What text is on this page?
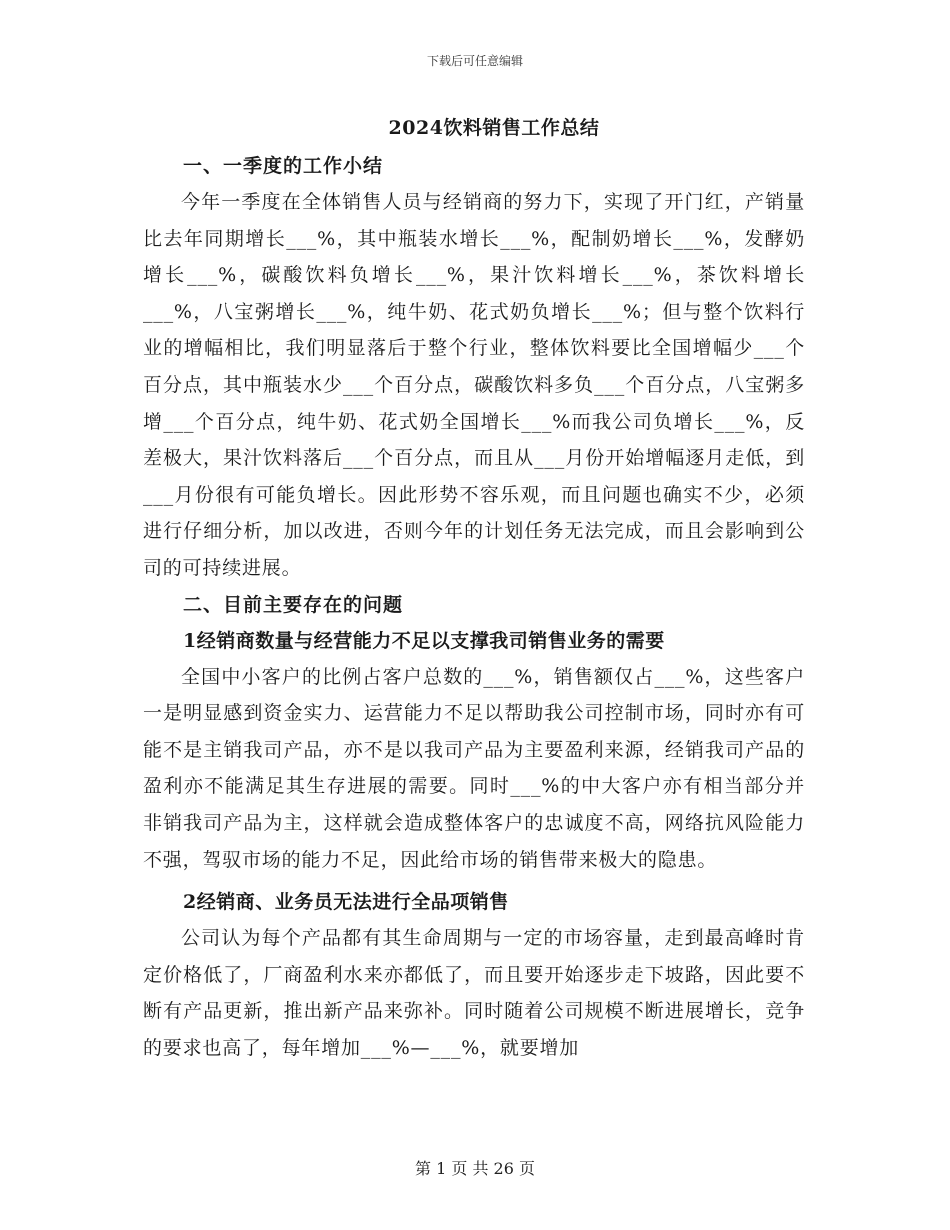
下载后可任意编辑
2024饮料销售工作总结
一、一季度的工作小结

今年一季度在全体销售人员与经销商的努力下，实现了开门红，产销量比去年同期增长___%，其中瓶装水增长___%，配制奶增长___%，发酵奶增长___%，碳酸饮料负增长___%，果汁饮料增长___%，茶饮料增长___%，八宝粥增长___%，纯牛奶、花式奶负增长___%；但与整个饮料行业的增幅相比，我们明显落后于整个行业，整体饮料要比全国增幅少___个百分点，其中瓶装水少___个百分点，碳酸饮料多负___个百分点，八宝粥多增___个百分点，纯牛奶、花式奶全国增长___%而我公司负增长___%，反差极大，果汁饮料落后___个百分点，而且从___月份开始增幅逐月走低，到___月份很有可能负增长。因此形势不容乐观，而且问题也确实不少，必须进行仔细分析，加以改进，否则今年的计划任务无法完成，而且会影响到公司的可持续进展。

二、目前主要存在的问题
1经销商数量与经营能力不足以支撑我司销售业务的需要

全国中小客户的比例占客户总数的___%，销售额仅占___%，这些客户一是明显感到资金实力、运营能力不足以帮助我公司控制市场，同时亦有可能不是主销我司产品，亦不是以我司产品为主要盈利来源，经销我司产品的盈利亦不能满足其生存进展的需要。同时___%的中大客户亦有相当部分并非销我司产品为主，这样就会造成整体客户的忠诚度不高，网络抗风险能力不强，驾驭市场的能力不足，因此给市场的销售带来极大的隐患。

2经销商、业务员无法进行全品项销售

公司认为每个产品都有其生命周期与一定的市场容量，走到最高峰时肯定价格低了，厂商盈利水来亦都低了，而且要开始逐步走下坡路，因此要不断有产品更新，推出新产品来弥补。同时随着公司规模不断进展增长，竞争的要求也高了，每年增加___%—___%，就要增加

第 1 页 共 26 页
